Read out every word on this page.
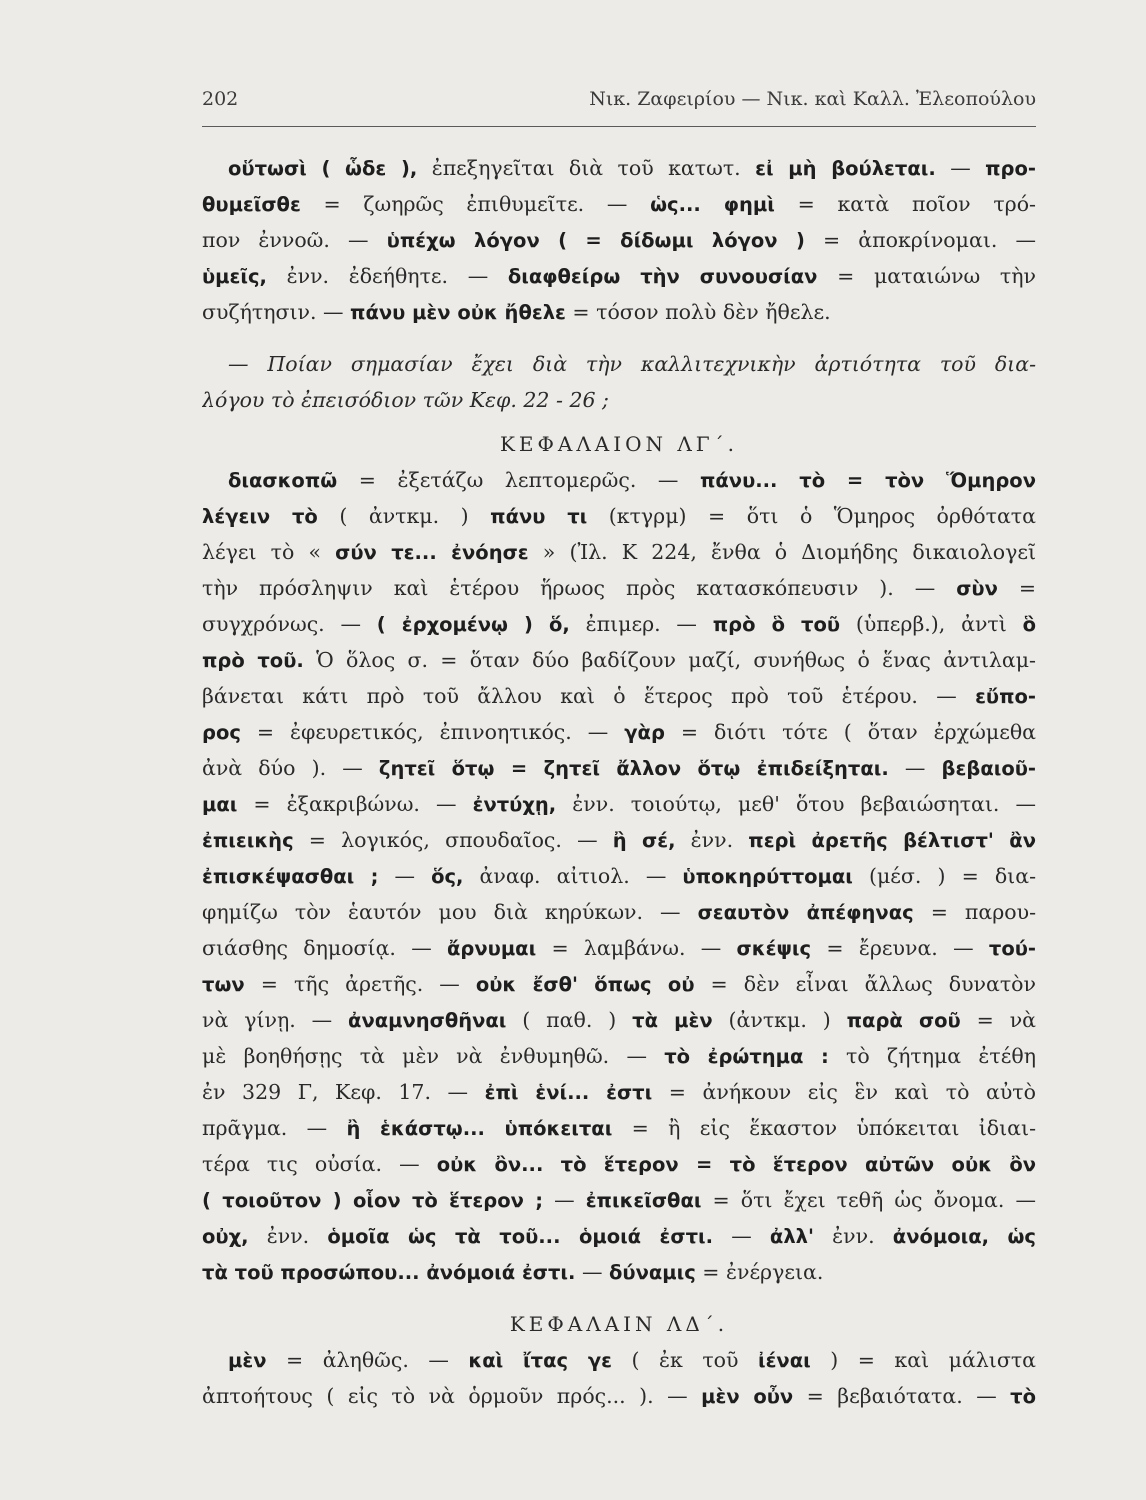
202	Νικ. Ζαφειρίου — Νικ. καὶ Καλλ. Ἐλεοπούλου
οὕτωσὶ ( ὧδε ), ἐπεξηγεῖται διὰ τοῦ κατωτ. εἰ μὴ βούλεται. — προ-
θυμεῖσθε = ζωηρῶς ἐπιθυμεῖτε. — ὡς... φημὶ = κατὰ ποῖον τρό-
πον ἐννοῶ. — ὑπέχω λόγον ( = δίδωμι λόγον ) = ἀποκρίνομαι. —
ὑμεῖς, ἐνν. ἐδεήθητε. — διαφθείρω τὴν συνουσίαν = ματαιώνω τὴν
συζήτησιν. — πάνυ μὲν οὐκ ἤθελε = τόσον πολὺ δὲν ἤθελε.
— Ποίαν σημασίαν ἔχει διὰ τὴν καλλιτεχνικὴν ἀρτιότητα τοῦ δια-
λόγου τὸ ἐπεισόδιον τῶν Κεφ. 22 - 26 ;
ΚΕΦΑΛΑΙΟΝ ΛΓ΄.
διασκοπῶ = ἐξετάζω λεπτομερῶς. — πάνυ... τὸ = τὸν Ὅμηρον
λέγειν τὸ ( ἀντκμ. ) πάνυ τι (κτγρμ) = ὅτι ὁ Ὅμηρος ὀρθότατα
λέγει τὸ « σύν τε... ἐνόησε » (Ἰλ. Κ 224, ἔνθα ὁ Διομήδης δικαιολογεῖ
τὴν πρόσληψιν καὶ ἑτέρου ἥρωος πρὸς κατασκόπευσιν ). — σὺν =
συγχρόνως. — ( ἐρχομένῳ ) ὅ, ἐπιμερ. — πρὸ ὃ τοῦ (ὑπερβ.), ἀντὶ ὃ
πρὸ τοῦ. Ὁ ὅλος σ. = ὅταν δύο βαδίζουν μαζί, συνήθως ὁ ἕνας ἀντιλαμ-
βάνεται κάτι πρὸ τοῦ ἄλλου καὶ ὁ ἕτερος πρὸ τοῦ ἑτέρου. — εὔπο-
ρος = ἐφευρετικός, ἐπινοητικός. — γὰρ = διότι τότε ( ὅταν ἐρχώμεθα
ἀνὰ δύο ). — ζητεῖ ὅτῳ = ζητεῖ ἄλλον ὅτῳ ἐπιδείξηται. — βεβαιοῦ-
μαι = ἐξακριβώνω. — ἐντύχῃ, ἐνν. τοιούτῳ, μεθ' ὅτου βεβαιώσηται. —
ἐπιεικὴς = λογικός, σπουδαῖος. — ἢ σέ, ἐνν. περὶ ἀρετῆς βέλτιστ' ἂν
ἐπισκέψασθαι ; — ὅς, ἀναφ. αἰτιολ. — ὑποκηρύττομαι (μέσ. ) = δια-
φημίζω τὸν ἑαυτόν μου διὰ κηρύκων. — σεαυτὸν ἀπέφηνας = παρου-
σιάσθης δημοσίᾳ. — ἄρνυμαι = λαμβάνω. — σκέψις = ἔρευνα. — τού-
των = τῆς ἀρετῆς. — οὐκ ἔσθ' ὅπως οὐ = δὲν εἶναι ἄλλως δυνατὸν
νὰ γίνῃ. — ἀναμνησθῆναι ( παθ. ) τὰ μὲν (ἀντκμ. ) παρὰ σοῦ = νὰ
μὲ βοηθήσῃς τὰ μὲν νὰ ἐνθυμηθῶ. — τὸ ἐρώτημα : τὸ ζήτημα ἐτέθη
ἐν 329 Γ, Κεφ. 17. — ἐπὶ ἑνί... ἐστι = ἀνήκουν εἰς ἓν καὶ τὸ αὐτὸ
πρᾶγμα. — ἢ ἑκάστῳ... ὑπόκειται = ἢ εἰς ἕκαστον ὑπόκειται ἰδιαι-
τέρα τις οὐσία. — οὐκ ὂν... τὸ ἕτερον = τὸ ἕτερον αὐτῶν οὐκ ὂν
( τοιοῦτον ) οἷον τὸ ἕτερον ; — ἐπικεῖσθαι = ὅτι ἔχει τεθῆ ὡς ὄνομα. —
οὐχ, ἐνν. ὁμοῖα ὡς τὰ τοῦ... ὁμοιά ἐστι. — ἀλλ' ἐνν. ἀνόμοια, ὡς
τὰ τοῦ προσώπου... ἀνόμοιά ἐστι. — δύναμις = ἐνέργεια.
ΚΕΦΑΛΑΙΝ ΛΔ΄.
μὲν = ἀληθῶς. — καὶ ἴτας γε ( ἐκ τοῦ ἰέναι ) = καὶ μάλιστα
ἀπτοήτους ( εἰς τὸ νὰ ὁρμοῦν πρός... ). — μὲν οὖν = βεβαιότατα. — τὸ
